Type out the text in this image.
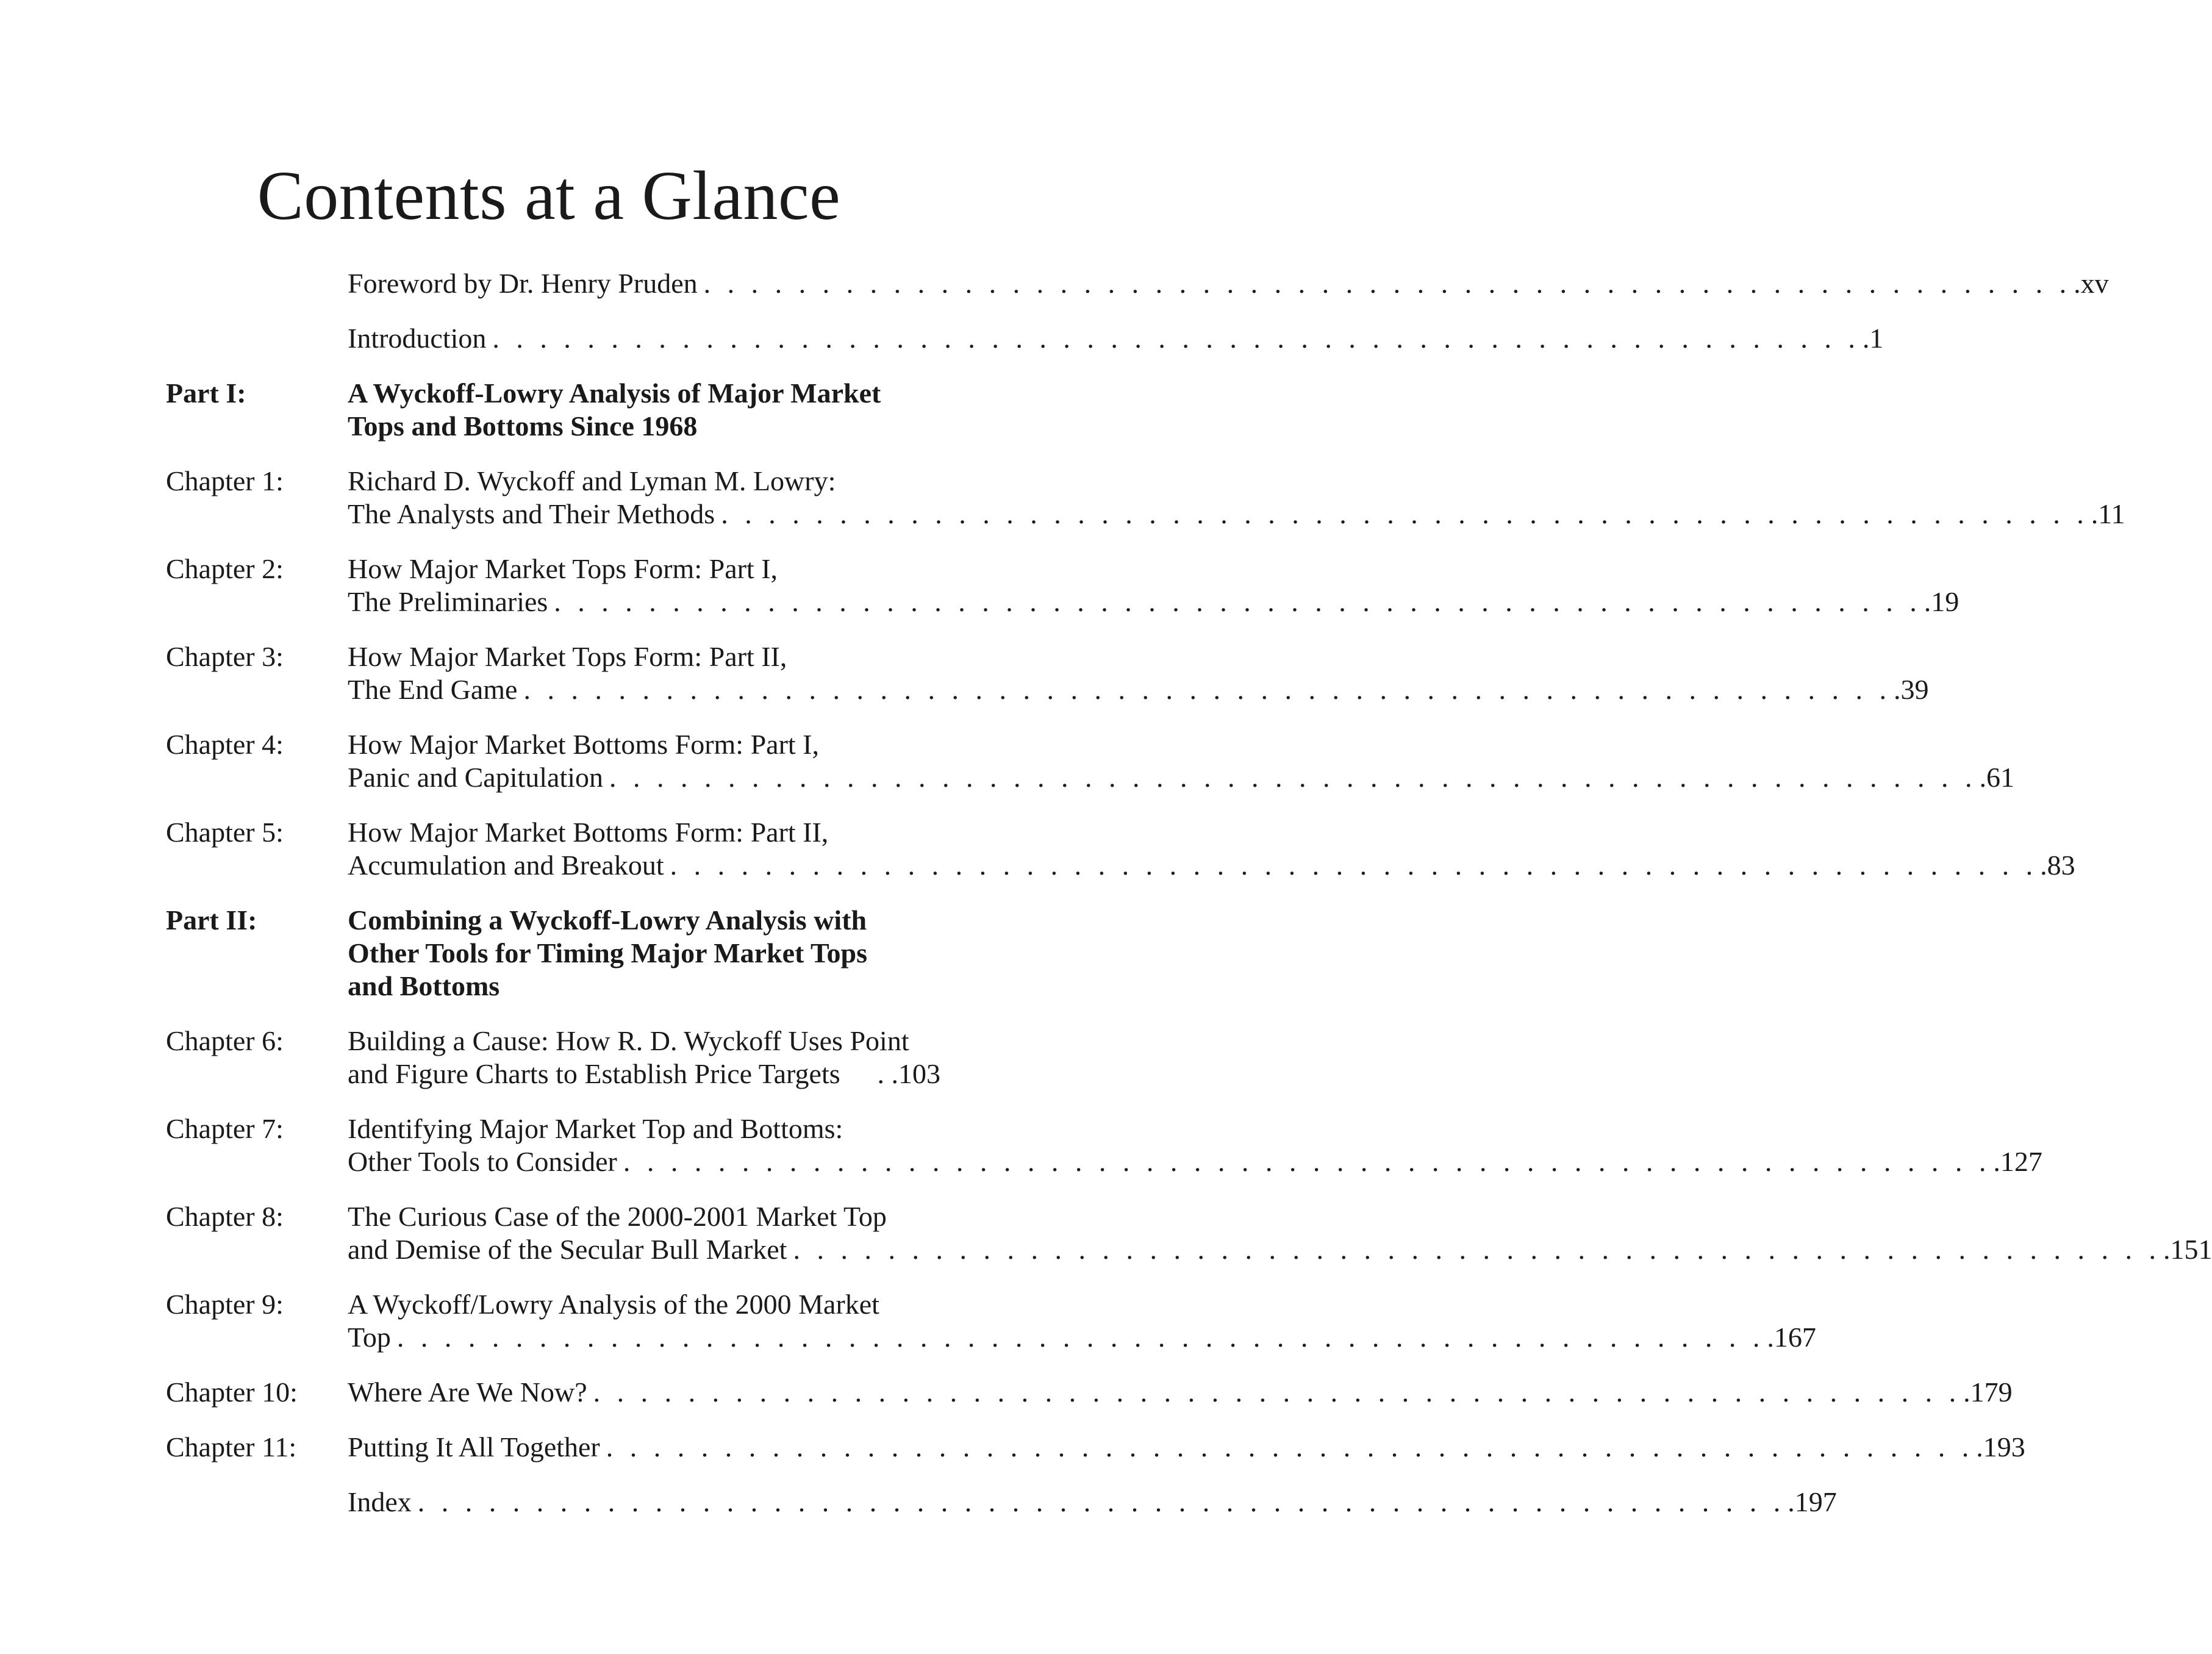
Contents at a Glance
Foreword by Dr. Henry Pruden . . . . . . . . . . . . . . . . . . . . . . . . . . . . . . . . . . . . . . . . . . . . . . . . . . . . . . . . . . .xv
Introduction . . . . . . . . . . . . . . . . . . . . . . . . . . . . . . . . . . . . . . . . . . . . . . . . . . . . . . . . . . .1
Part I:	A Wyckoff-Lowry Analysis of Major Market
Tops and Bottoms Since 1968
Chapter 1:	Richard D. Wyckoff and Lyman M. Lowry:
The Analysts and Their Methods . . . . . . . . . . . . . . . . . . . . . . . . . . . . . . . . . . . . . . . . . . . . . . . . . . . . . . . . . . .11
Chapter 2:	How Major Market Tops Form: Part I,
The Preliminaries . . . . . . . . . . . . . . . . . . . . . . . . . . . . . . . . . . . . . . . . . . . . . . . . . . . . . . . . . . .19
Chapter 3:	How Major Market Tops Form: Part II,
The End Game . . . . . . . . . . . . . . . . . . . . . . . . . . . . . . . . . . . . . . . . . . . . . . . . . . . . . . . . . . .39
Chapter 4:	How Major Market Bottoms Form: Part I,
Panic and Capitulation . . . . . . . . . . . . . . . . . . . . . . . . . . . . . . . . . . . . . . . . . . . . . . . . . . . . . . . . . . .61
Chapter 5:	How Major Market Bottoms Form: Part II,
Accumulation and Breakout . . . . . . . . . . . . . . . . . . . . . . . . . . . . . . . . . . . . . . . . . . . . . . . . . . . . . . . . . . .83
Part II:	Combining a Wyckoff-Lowry Analysis with
Other Tools for Timing Major Market Tops
and Bottoms
Chapter 6:	Building a Cause: How R. D. Wyckoff Uses Point
and Figure Charts to Establish Price Targets . .103
Chapter 7:	Identifying Major Market Top and Bottoms:
Other Tools to Consider . . . . . . . . . . . . . . . . . . . . . . . . . . . . . . . . . . . . . . . . . . . . . . . . . . . . . . . . . . .127
Chapter 8:	The Curious Case of the 2000-2001 Market Top
and Demise of the Secular Bull Market . . . . . . . . . . . . . . . . . . . . . . . . . . . . . . . . . . . . . . . . . . . . . . . . . . . . . . . . . . .151
Chapter 9:	A Wyckoff/Lowry Analysis of the 2000 Market
Top . . . . . . . . . . . . . . . . . . . . . . . . . . . . . . . . . . . . . . . . . . . . . . . . . . . . . . . . . . .167
Chapter 10:	Where Are We Now? . . . . . . . . . . . . . . . . . . . . . . . . . . . . . . . . . . . . . . . . . . . . . . . . . . . . . . . . . . .179
Chapter 11:	Putting It All Together . . . . . . . . . . . . . . . . . . . . . . . . . . . . . . . . . . . . . . . . . . . . . . . . . . . . . . . . . . .193
Index . . . . . . . . . . . . . . . . . . . . . . . . . . . . . . . . . . . . . . . . . . . . . . . . . . . . . . . . . . .197
